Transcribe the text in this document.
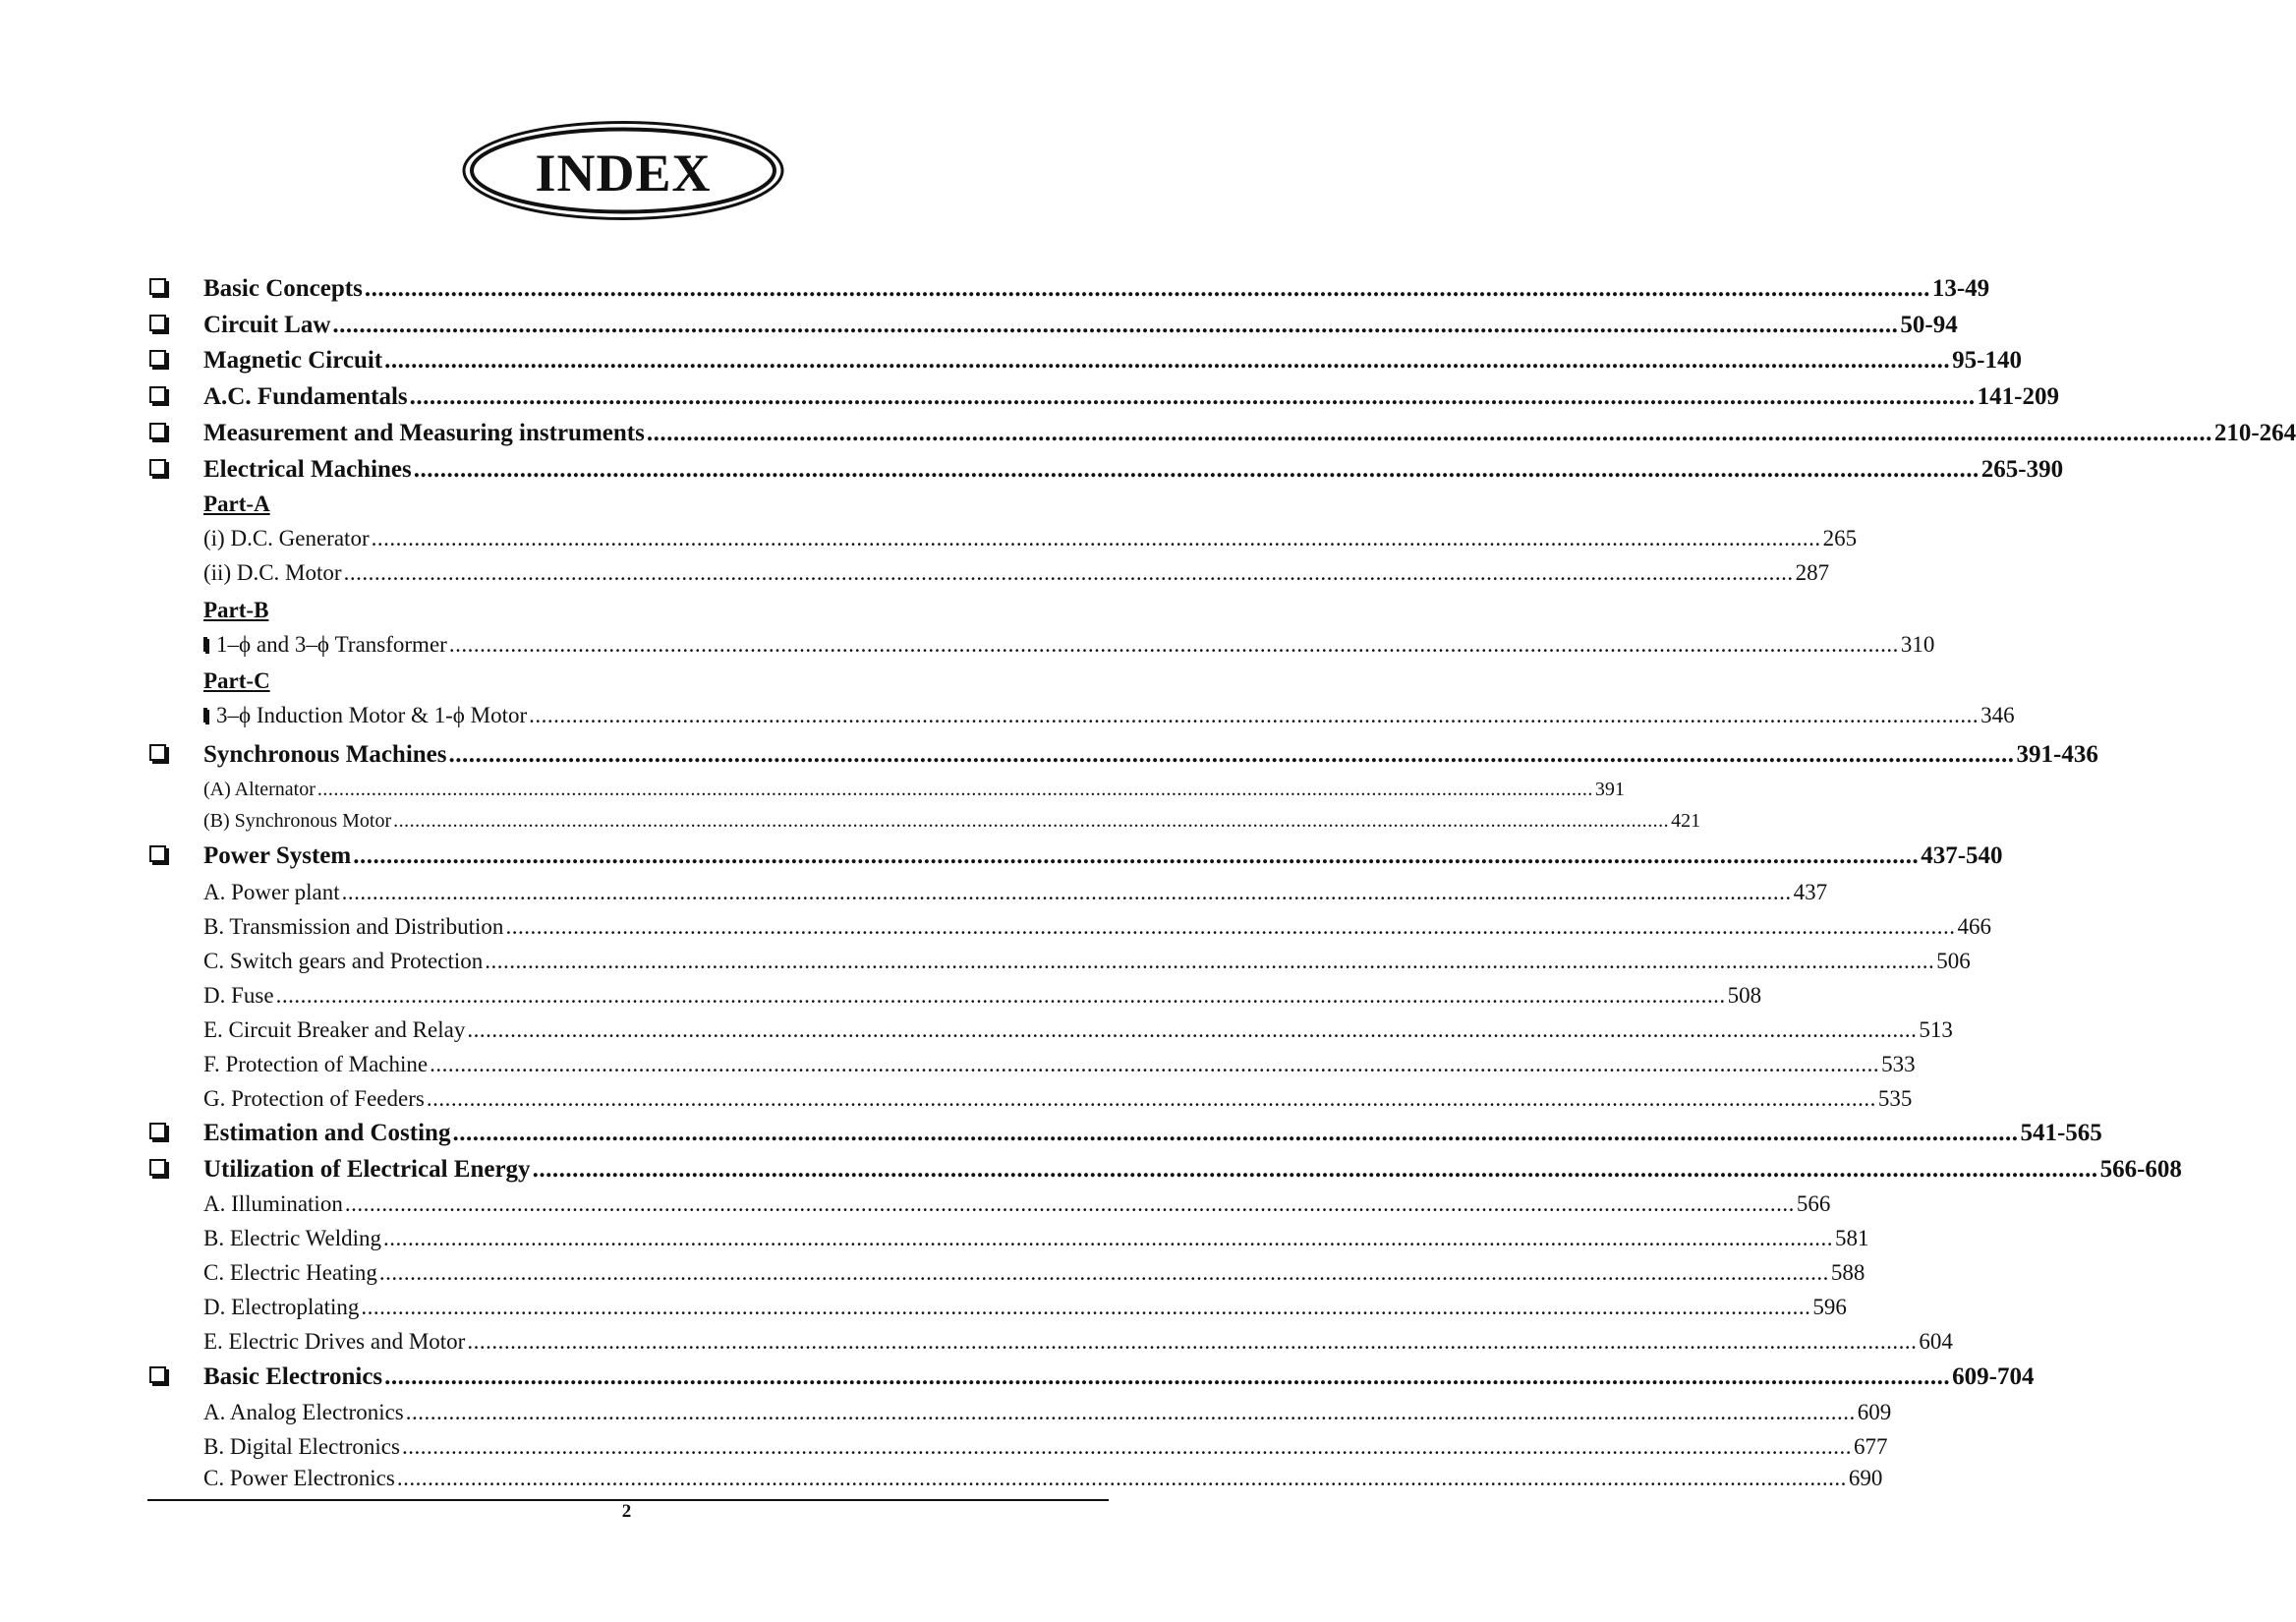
INDEX
Basic Concepts ............................................................................................................................................................................................................................................ 13-49
Circuit Law ............................................................................................................................................................................................................................................ 50-94
Magnetic Circuit ............................................................................................................................................................................................................................................ 95-140
A.C. Fundamentals ............................................................................................................................................................................................................................................ 141-209
Measurement and Measuring instruments ............................................................................................................................................................................................................................................ 210-264
Electrical Machines ............................................................................................................................................................................................................................................ 265-390
Part-A
(i) D.C. Generator ............................................................................................................................................................................................................................................ 265
(ii) D.C. Motor ............................................................................................................................................................................................................................................ 287
Part-B
1–ϕ and 3–ϕ Transformer ............................................................................................................................................................................................................................................ 310
Part-C
3–ϕ Induction Motor & 1-ϕ Motor ............................................................................................................................................................................................................................................ 346
Synchronous Machines ............................................................................................................................................................................................................................................ 391-436
(A) Alternator ............................................................................................................................................................................................................................................ 391
(B) Synchronous Motor ............................................................................................................................................................................................................................................ 421
Power System ............................................................................................................................................................................................................................................ 437-540
A. Power plant ............................................................................................................................................................................................................................................ 437
B. Transmission and Distribution ............................................................................................................................................................................................................................................ 466
C. Switch gears and Protection ............................................................................................................................................................................................................................................ 506
D. Fuse ............................................................................................................................................................................................................................................ 508
E. Circuit Breaker and Relay ............................................................................................................................................................................................................................................ 513
F. Protection of Machine ............................................................................................................................................................................................................................................ 533
G. Protection of Feeders ............................................................................................................................................................................................................................................ 535
Estimation and Costing ............................................................................................................................................................................................................................................ 541-565
Utilization of Electrical Energy ............................................................................................................................................................................................................................................ 566-608
A. Illumination ............................................................................................................................................................................................................................................ 566
B. Electric Welding ............................................................................................................................................................................................................................................ 581
C. Electric Heating ............................................................................................................................................................................................................................................ 588
D. Electroplating ............................................................................................................................................................................................................................................ 596
E. Electric Drives and Motor ............................................................................................................................................................................................................................................ 604
Basic Electronics ............................................................................................................................................................................................................................................ 609-704
A. Analog Electronics ............................................................................................................................................................................................................................................ 609
B. Digital Electronics ............................................................................................................................................................................................................................................ 677
C. Power Electronics ............................................................................................................................................................................................................................................ 690
2
